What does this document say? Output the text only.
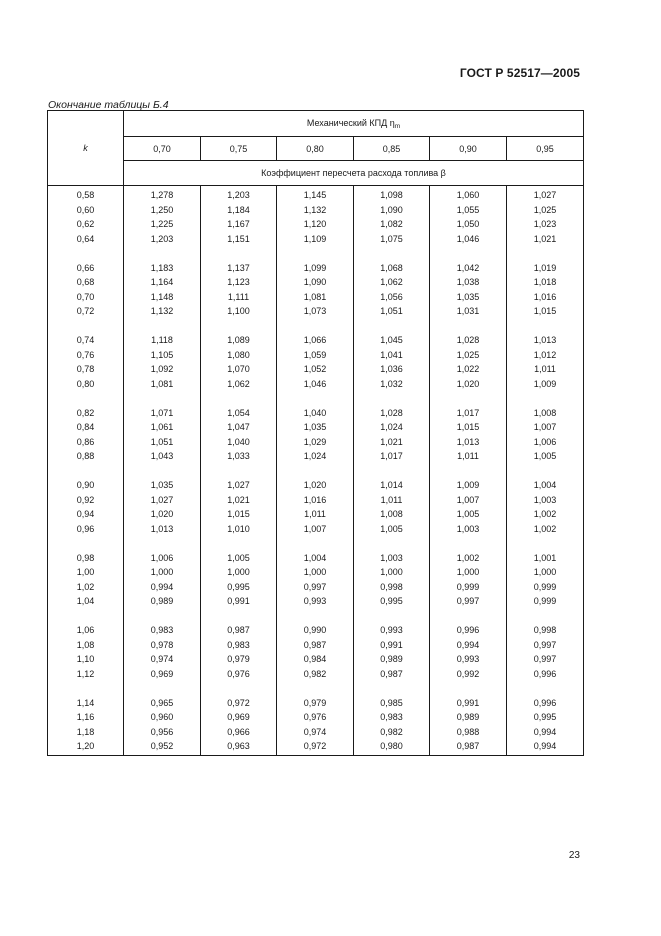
ГОСТ Р 52517—2005
Окончание таблицы Б.4
k	Механический КПД $\eta_m$
	0,70	0,75	0,80	0,85	0,90	0,95
	Коэффициент пересчета расхода топлива β					
0,58	1,278	1,203	1,145	1,098	1,060	1,027
0,60	1,250	1,184	1,132	1,090	1,055	1,025
0,62	1,225	1,167	1,120	1,082	1,050	1,023
0,64	1,203	1,151	1,109	1,075	1,046	1,021

0,66	1,183	1,137	1,099	1,068	1,042	1,019
0,68	1,164	1,123	1,090	1,062	1,038	1,018
0,70	1,148	1,111	1,081	1,056	1,035	1,016
0,72	1,132	1,100	1,073	1,051	1,031	1,015

0,74	1,118	1,089	1,066	1,045	1,028	1,013
0,76	1,105	1,080	1,059	1,041	1,025	1,012
0,78	1,092	1,070	1,052	1,036	1,022	1,011
0,80	1,081	1,062	1,046	1,032	1,020	1,009

0,82	1,071	1,054	1,040	1,028	1,017	1,008
0,84	1,061	1,047	1,035	1,024	1,015	1,007
0,86	1,051	1,040	1,029	1,021	1,013	1,006
0,88	1,043	1,033	1,024	1,017	1,011	1,005

0,90	1,035	1,027	1,020	1,014	1,009	1,004
0,92	1,027	1,021	1,016	1,011	1,007	1,003
0,94	1,020	1,015	1,011	1,008	1,005	1,002
0,96	1,013	1,010	1,007	1,005	1,003	1,002

0,98	1,006	1,005	1,004	1,003	1,002	1,001
1,00	1,000	1,000	1,000	1,000	1,000	1,000
1,02	0,994	0,995	0,997	0,998	0,999	0,999
1,04	0,989	0,991	0,993	0,995	0,997	0,999

1,06	0,983	0,987	0,990	0,993	0,996	0,998
1,08	0,978	0,983	0,987	0,991	0,994	0,997
1,10	0,974	0,979	0,984	0,989	0,993	0,997
1,12	0,969	0,976	0,982	0,987	0,992	0,996

1,14	0,965	0,972	0,979	0,985	0,991	0,996
1,16	0,960	0,969	0,976	0,983	0,989	0,995
1,18	0,956	0,966	0,974	0,982	0,988	0,994
1,20	0,952	0,963	0,972	0,980	0,987	0,994
23
